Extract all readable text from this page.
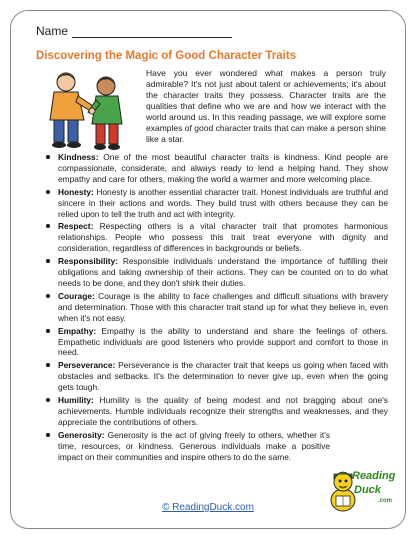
Name
Discovering the Magic of Good Character Traits
Have you ever wondered what makes a person truly admirable? It's not just about talent or achievements; it's about the character traits they possess. Character traits are the qualities that define who we are and how we interact with the world around us. In this reading passage, we will explore some examples of good character traits that can make a person shine like a star.
Kindness: One of the most beautiful character traits is kindness. Kind people are compassionate, considerate, and always ready to lend a helping hand. They show empathy and care for others, making the world a warmer and more welcoming place.
Honesty: Honesty is another essential character trait. Honest individuals are truthful and sincere in their actions and words. They build trust with others because they can be relied upon to tell the truth and act with integrity.
Respect: Respecting others is a vital character trait that promotes harmonious relationships. People who possess this trait treat everyone with dignity and consideration, regardless of differences in backgrounds or beliefs.
Responsibility: Responsible individuals understand the importance of fulfilling their obligations and taking ownership of their actions. They can be counted on to do what needs to be done, and they don't shirk their duties.
Courage: Courage is the ability to face challenges and difficult situations with bravery and determination. Those with this character trait stand up for what they believe in, even when it's not easy.
Empathy: Empathy is the ability to understand and share the feelings of others. Empathetic individuals are good listeners who provide support and comfort to those in need.
Perseverance: Perseverance is the character trait that keeps us going when faced with obstacles and setbacks. It's the determination to never give up, even when the going gets tough.
Humility: Humility is the quality of being modest and not bragging about one's achievements. Humble individuals recognize their strengths and weaknesses, and they appreciate the contributions of others.
Generosity: Generosity is the act of giving freely to others, whether it's time, resources, or kindness. Generous individuals make a positive impact on their communities and inspire others to do the same.
© ReadingDuck.com
Reading
Duck
.com
